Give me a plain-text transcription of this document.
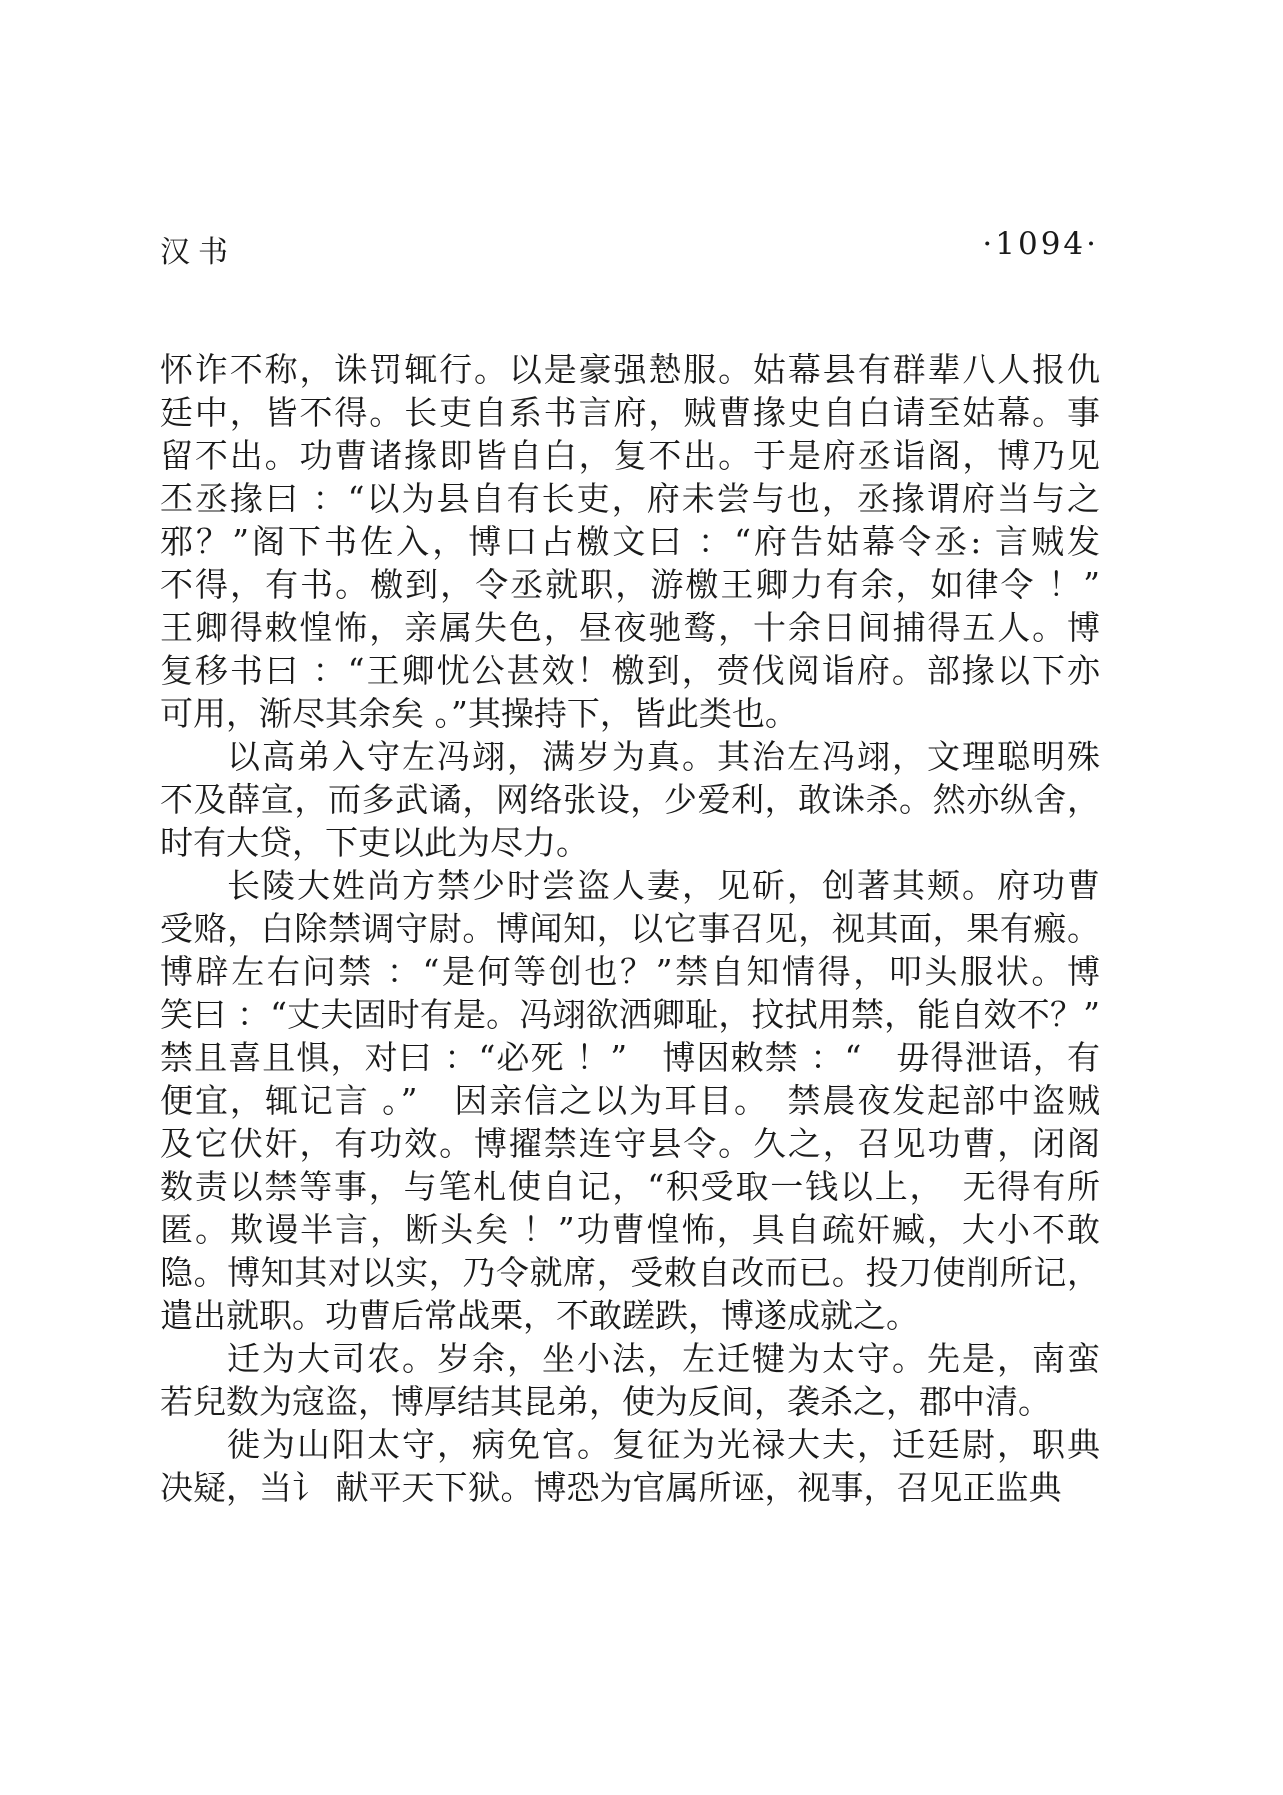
汉书	·1094·
怀诈不称，诛罚辄行。以是豪强慹服。姑幕县有群辈八人报仇
廷中，皆不得。长吏自系书言府，贼曹掾史自白请至姑幕。事
留不出。功曹诸掾即皆自白，复不出。于是府丞诣阁，博乃见
丕丞掾曰 ：“以为县自有长吏，府未尝与也，丞掾谓府当与之
邪？”阁下书佐入，博口占檄文曰 ：“府告姑幕令丞: 言贼发
不得，有书。檄到，令丞就职，游檄王卿力有余，如律令 ！”
王卿得敕惶怖，亲属失色，昼夜驰鹜，十余日间捕得五人。博
复移书曰 ：“王卿忧公甚效！檄到，赍伐阅诣府。部掾以下亦
可用，渐尽其余矣 。”其操持下，皆此类也。
以高弟入守左冯翊，满岁为真。其治左冯翊，文理聪明殊
不及薛宣，而多武谲，网络张设，少爱利，敢诛杀。然亦纵舍，
时有大贷，下吏以此为尽力。
长陵大姓尚方禁少时尝盗人妻，见斫，创著其颊。府功曹
受赂，白除禁调守尉。博闻知，以它事召见，视其面，果有瘢。
博辟左右问禁 ：“是何等创也？”禁自知情得，叩头服状。博
笑曰 ：“丈夫固时有是。冯翊欲洒卿耻，抆拭用禁，能自效不？”
禁且喜且惧，对曰 ：“必死 ！”　博因敕禁 ：“　毋得泄语，有
便宜，辄记言 。”　因亲信之以为耳目。　禁晨夜发起部中盗贼
及它伏奸，有功效。博擢禁连守县令。久之，召见功曹，闭阁
数责以禁等事，与笔札使自记，“积受取一钱以上，　无得有所
匿。欺谩半言，断头矣 ！”功曹惶怖，具自疏奸臧，大小不敢
隐。博知其对以实，乃令就席，受敕自改而已。投刀使削所记，
遣出就职。功曹后常战栗，不敢蹉跌，博遂成就之。
迁为大司农。岁余，坐小法，左迁犍为太守。先是，南蛮
若兒数为寇盗，博厚结其昆弟，使为反间，袭杀之，郡中清。
徙为山阳太守，病免官。复征为光禄大夫，迁廷尉，职典
决疑，当讠 献平天下狱。博恐为官属所诬，视事，召见正监典
